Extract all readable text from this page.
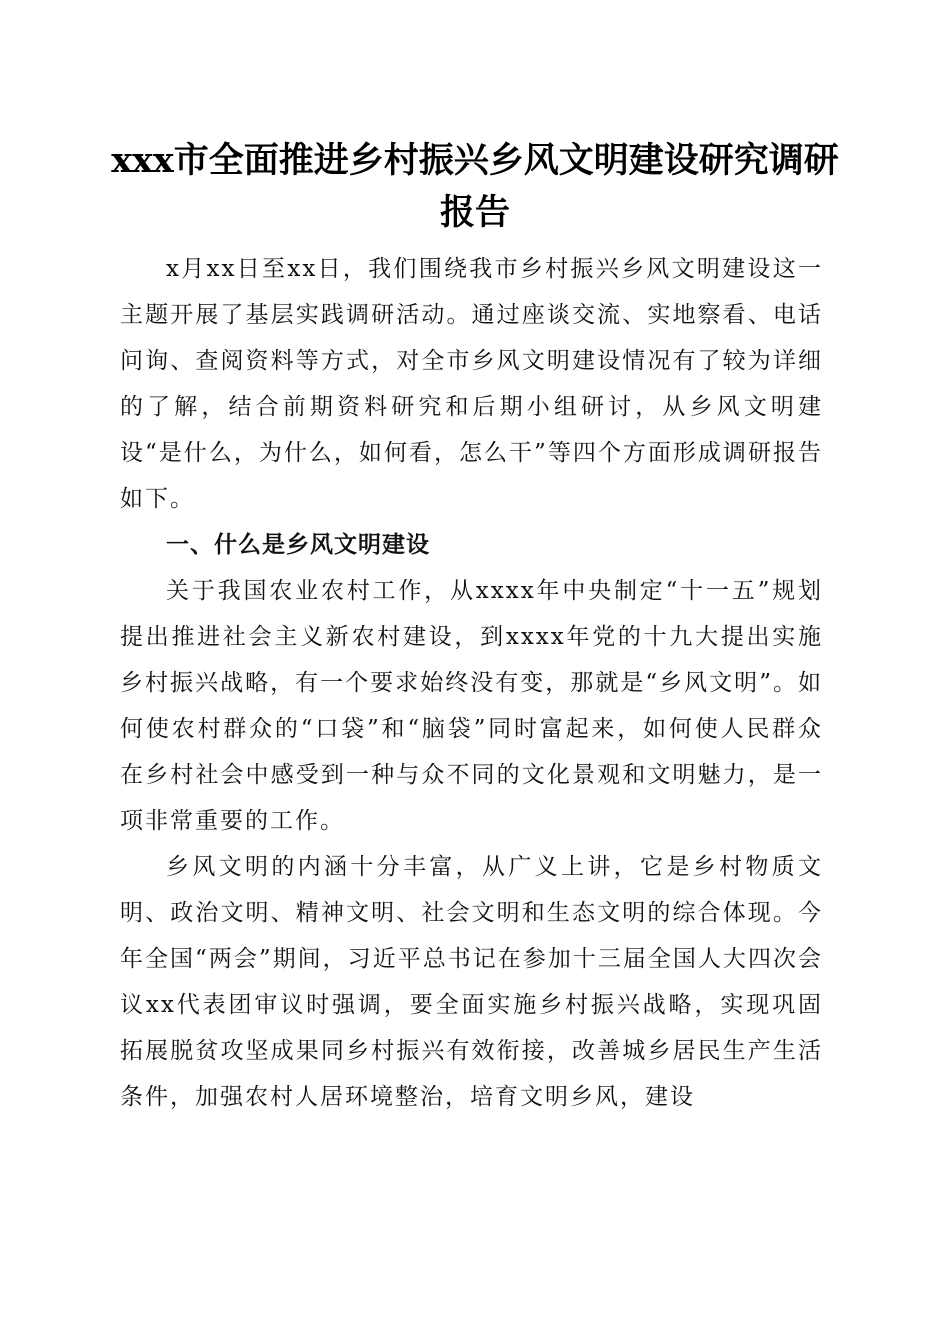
xxx市全面推进乡村振兴乡风文明建设研究调研报告

x月xx日至xx日，我们围绕我市乡村振兴乡风文明建设这一主题开展了基层实践调研活动。通过座谈交流、实地察看、电话问询、查阅资料等方式，对全市乡风文明建设情况有了较为详细的了解，结合前期资料研究和后期小组研讨，从乡风文明建设“是什么，为什么，如何看，怎么干”等四个方面形成调研报告如下。

一、什么是乡风文明建设

关于我国农业农村工作，从xxxx年中央制定“十一五”规划提出推进社会主义新农村建设，到xxxx年党的十九大提出实施乡村振兴战略，有一个要求始终没有变，那就是“乡风文明”。如何使农村群众的“口袋”和“脑袋”同时富起来，如何使人民群众在乡村社会中感受到一种与众不同的文化景观和文明魅力，是一项非常重要的工作。

乡风文明的内涵十分丰富，从广义上讲，它是乡村物质文明、政治文明、精神文明、社会文明和生态文明的综合体现。今年全国“两会”期间，习近平总书记在参加十三届全国人大四次会议xx代表团审议时强调，要全面实施乡村振兴战略，实现巩固拓展脱贫攻坚成果同乡村振兴有效衔接，改善城乡居民生产生活条件，加强农村人居环境整治，培育文明乡风，建设
